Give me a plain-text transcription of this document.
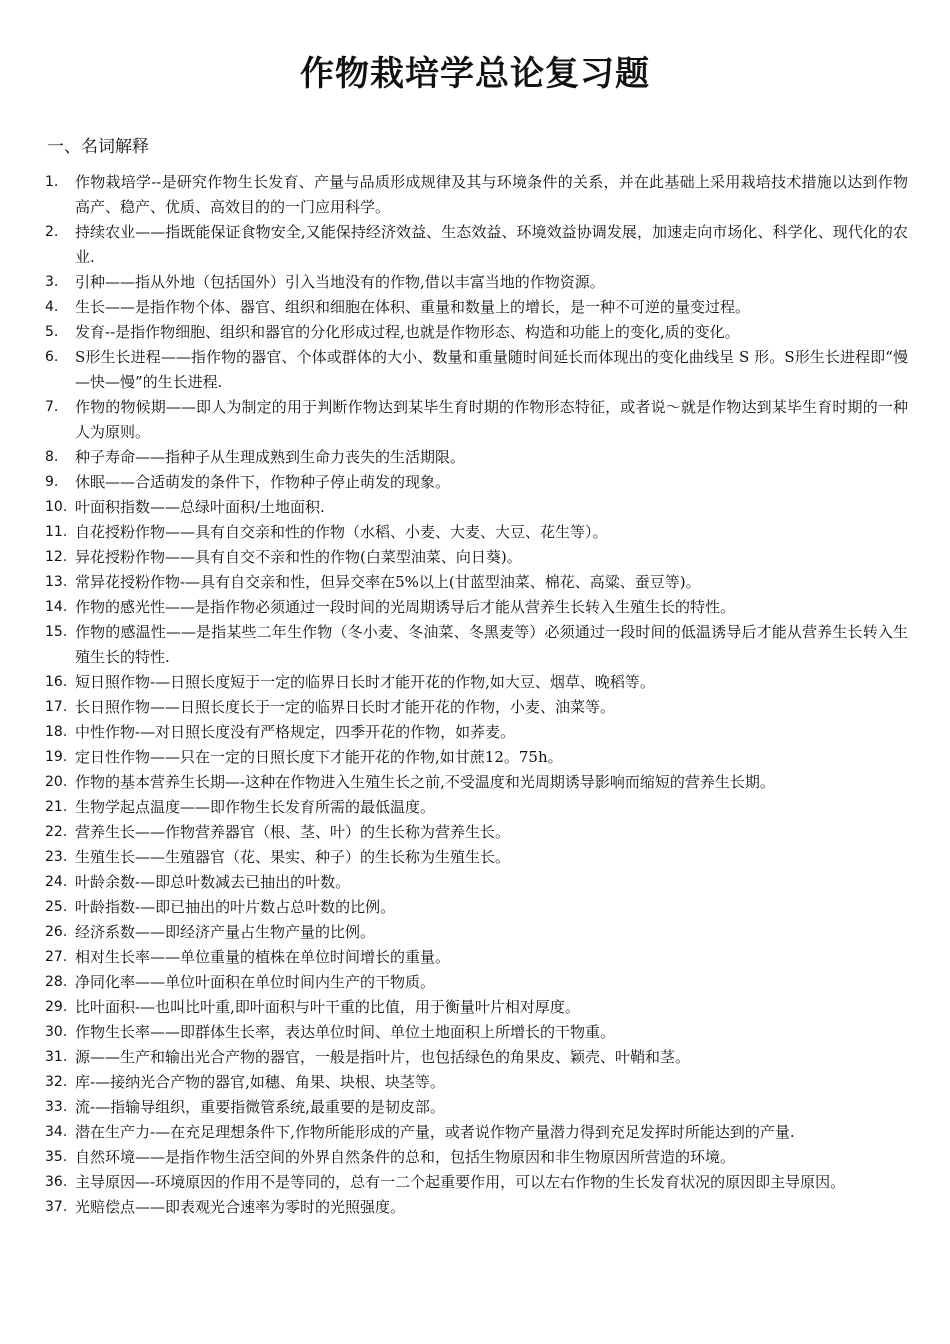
作物栽培学总论复习题
一、名词解释
1. 作物栽培学--是研究作物生长发育、产量与品质形成规律及其与环境条件的关系，并在此基础上采用栽培技术措施以达到作物高产、稳产、优质、高效目的的一门应用科学。
2. 持续农业——指既能保证食物安全,又能保持经济效益、生态效益、环境效益协调发展，加速走向市场化、科学化、现代化的农业.
3. 引种——指从外地（包括国外）引入当地没有的作物,借以丰富当地的作物资源。
4. 生长——是指作物个体、器官、组织和细胞在体积、重量和数量上的增长，是一种不可逆的量变过程。
5. 发育--是指作物细胞、组织和器官的分化形成过程,也就是作物形态、构造和功能上的变化,质的变化。
6. S形生长进程——指作物的器官、个体或群体的大小、数量和重量随时间延长而体现出的变化曲线呈 S 形。S形生长进程即“慢—快—慢”的生长进程.
7. 作物的物候期——即人为制定的用于判断作物达到某毕生育时期的作物形态特征，或者说～就是作物达到某毕生育时期的一种人为原则。
8. 种子寿命——指种子从生理成熟到生命力丧失的生活期限。
9. 休眠——合适萌发的条件下，作物种子停止萌发的现象。
10. 叶面积指数——总绿叶面积/土地面积.
11. 自花授粉作物——具有自交亲和性的作物（水稻、小麦、大麦、大豆、花生等）。
12. 异花授粉作物——具有自交不亲和性的作物(白菜型油菜、向日葵)。
13. 常异花授粉作物-—具有自交亲和性，但异交率在5%以上(甘蓝型油菜、棉花、高粱、蚕豆等)。
14. 作物的感光性——是指作物必须通过一段时间的光周期诱导后才能从营养生长转入生殖生长的特性。
15. 作物的感温性——是指某些二年生作物（冬小麦、冬油菜、冬黑麦等）必须通过一段时间的低温诱导后才能从营养生长转入生殖生长的特性.
16. 短日照作物-—日照长度短于一定的临界日长时才能开花的作物,如大豆、烟草、晚稻等。
17. 长日照作物——日照长度长于一定的临界日长时才能开花的作物，小麦、油菜等。
18. 中性作物-—对日照长度没有严格规定，四季开花的作物，如荞麦。
19. 定日性作物——只在一定的日照长度下才能开花的作物,如甘蔗12。75h。
20. 作物的基本营养生长期—-这种在作物进入生殖生长之前,不受温度和光周期诱导影响而缩短的营养生长期。
21. 生物学起点温度——即作物生长发育所需的最低温度。
22. 营养生长——作物营养器官（根、茎、叶）的生长称为营养生长。
23. 生殖生长——生殖器官（花、果实、种子）的生长称为生殖生长。
24. 叶龄余数-—即总叶数减去已抽出的叶数。
25. 叶龄指数-—即已抽出的叶片数占总叶数的比例。
26. 经济系数——即经济产量占生物产量的比例。
27. 相对生长率——单位重量的植株在单位时间增长的重量。
28. 净同化率——单位叶面积在单位时间内生产的干物质。
29. 比叶面积-—也叫比叶重,即叶面积与叶干重的比值，用于衡量叶片相对厚度。
30. 作物生长率——即群体生长率，表达单位时间、单位土地面积上所增长的干物重。
31. 源——生产和输出光合产物的器官，一般是指叶片，也包括绿色的角果皮、颖壳、叶鞘和茎。
32. 库-—接纳光合产物的器官,如穗、角果、块根、块茎等。
33. 流-—指输导组织，重要指微管系统,最重要的是韧皮部。
34. 潜在生产力-—在充足理想条件下,作物所能形成的产量，或者说作物产量潜力得到充足发挥时所能达到的产量.
35. 自然环境——是指作物生活空间的外界自然条件的总和，包括生物原因和非生物原因所营造的环境。
36. 主导原因—-环境原因的作用不是等同的，总有一二个起重要作用，可以左右作物的生长发育状况的原因即主导原因。
37. 光赔偿点——即表观光合速率为零时的光照强度。
